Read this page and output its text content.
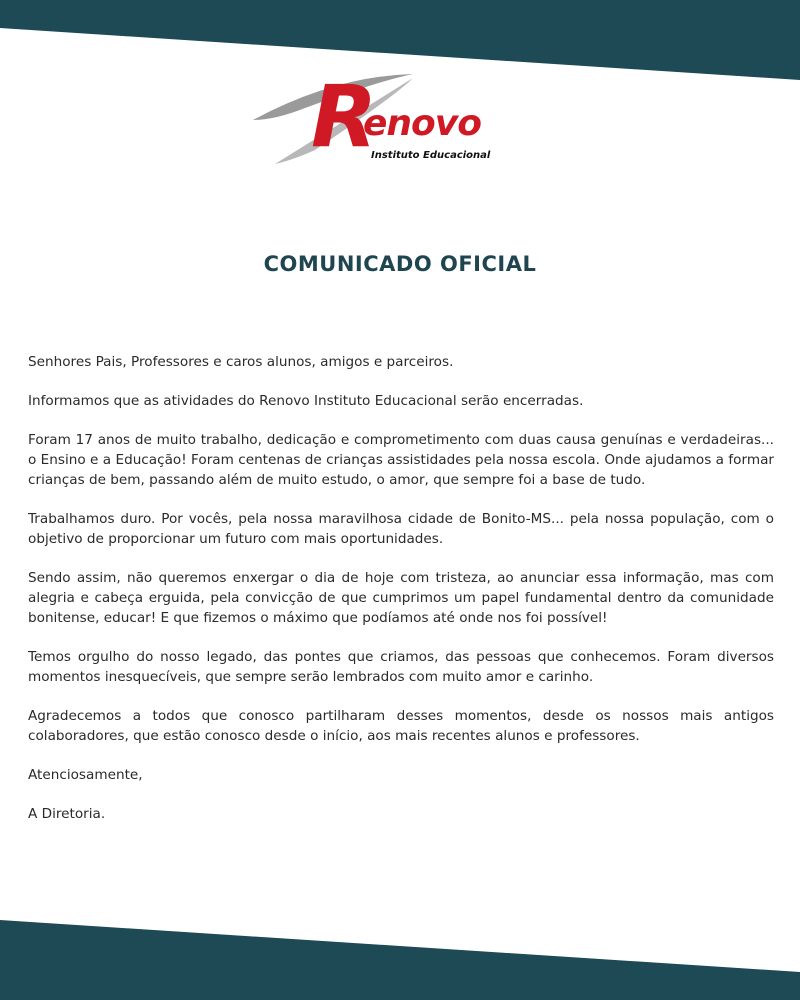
R
enovo
Instituto Educacional
COMUNICADO OFICIAL

Senhores Pais, Professores e caros alunos, amigos e parceiros.

Informamos que as atividades do Renovo Instituto Educacional serão encerradas.

Foram 17 anos de muito trabalho, dedicação e comprometimento com duas causa genuínas e verdadeiras... o Ensino e a Educação! Foram centenas de crianças assistidades pela nossa escola. Onde ajudamos a formar crianças de bem, passando além de muito estudo, o amor, que sempre foi a base de tudo.

Trabalhamos duro. Por vocês, pela nossa maravilhosa cidade de Bonito-MS... pela nossa população, com o objetivo de proporcionar um futuro com mais oportunidades.

Sendo assim, não queremos enxergar o dia de hoje com tristeza, ao anunciar essa informação, mas com alegria e cabeça erguida, pela convicção de que cumprimos um papel fundamental dentro da comunidade bonitense, educar! E que fizemos o máximo que podíamos até onde nos foi possível!

Temos orgulho do nosso legado, das pontes que criamos, das pessoas que conhecemos. Foram diversos momentos inesquecíveis, que sempre serão lembrados com muito amor e carinho.

Agradecemos a todos que conosco partilharam desses momentos, desde os nossos mais antigos colaboradores, que estão conosco desde o início, aos mais recentes alunos e professores.

Atenciosamente,

A Diretoria.
